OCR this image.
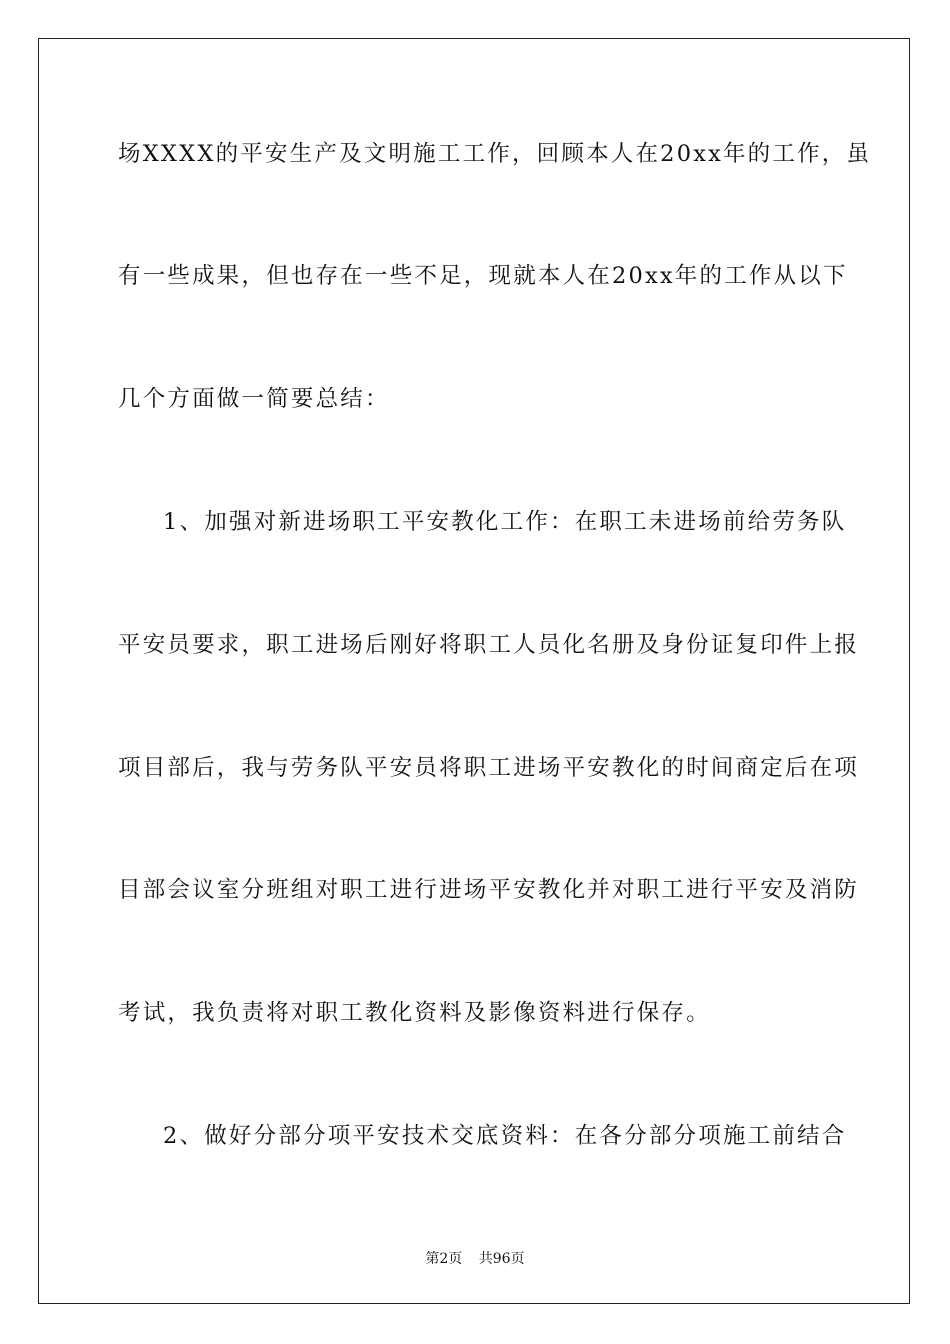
场XXXX的平安生产及文明施工工作，回顾本人在20xx年的工作，虽
有一些成果，但也存在一些不足，现就本人在20xx年的工作从以下
几个方面做一简要总结：
1、加强对新进场职工平安教化工作：在职工未进场前给劳务队
平安员要求，职工进场后刚好将职工人员化名册及身份证复印件上报
项目部后，我与劳务队平安员将职工进场平安教化的时间商定后在项
目部会议室分班组对职工进行进场平安教化并对职工进行平安及消防
考试，我负责将对职工教化资料及影像资料进行保存。
2、做好分部分项平安技术交底资料：在各分部分项施工前结合
第2页 共96页
